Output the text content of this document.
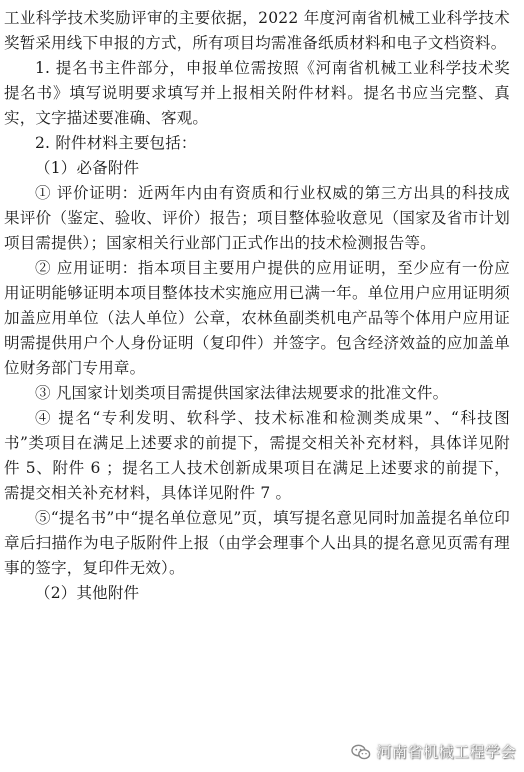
工业科学技术奖励评审的主要依据，2022 年度河南省机械工业科学技术奖暂采用线下申报的方式，所有项目均需准备纸质材料和电子文档资料。

1. 提名书主件部分，申报单位需按照《河南省机械工业科学技术奖提名书》填写说明要求填写并上报相关附件材料。提名书应当完整、真实，文字描述要准确、客观。

2. 附件材料主要包括：

（1）必备附件

① 评价证明：近两年内由有资质和行业权威的第三方出具的科技成果评价（鉴定、验收、评价）报告；项目整体验收意见（国家及省市计划项目需提供）；国家相关行业部门正式作出的技术检测报告等。

② 应用证明：指本项目主要用户提供的应用证明，至少应有一份应用证明能够证明本项目整体技术实施应用已满一年。单位用户应用证明须加盖应用单位（法人单位）公章，农林鱼副类机电产品等个体用户应用证明需提供用户个人身份证明（复印件）并签字。包含经济效益的应加盖单位财务部门专用章。

③ 凡国家计划类项目需提供国家法律法规要求的批准文件。

④ 提名“专利发明、软科学、技术标准和检测类成果”、“科技图书”类项目在满足上述要求的前提下，需提交相关补充材料，具体详见附件 5、附件 6 ；提名工人技术创新成果项目在满足上述要求的前提下，需提交相关补充材料，具体详见附件 7 。

⑤“提名书”中“提名单位意见”页，填写提名意见同时加盖提名单位印章后扫描作为电子版附件上报（由学会理事个人出具的提名意见页需有理事的签字，复印件无效）。

（2）其他附件

河南省机械工程学会
